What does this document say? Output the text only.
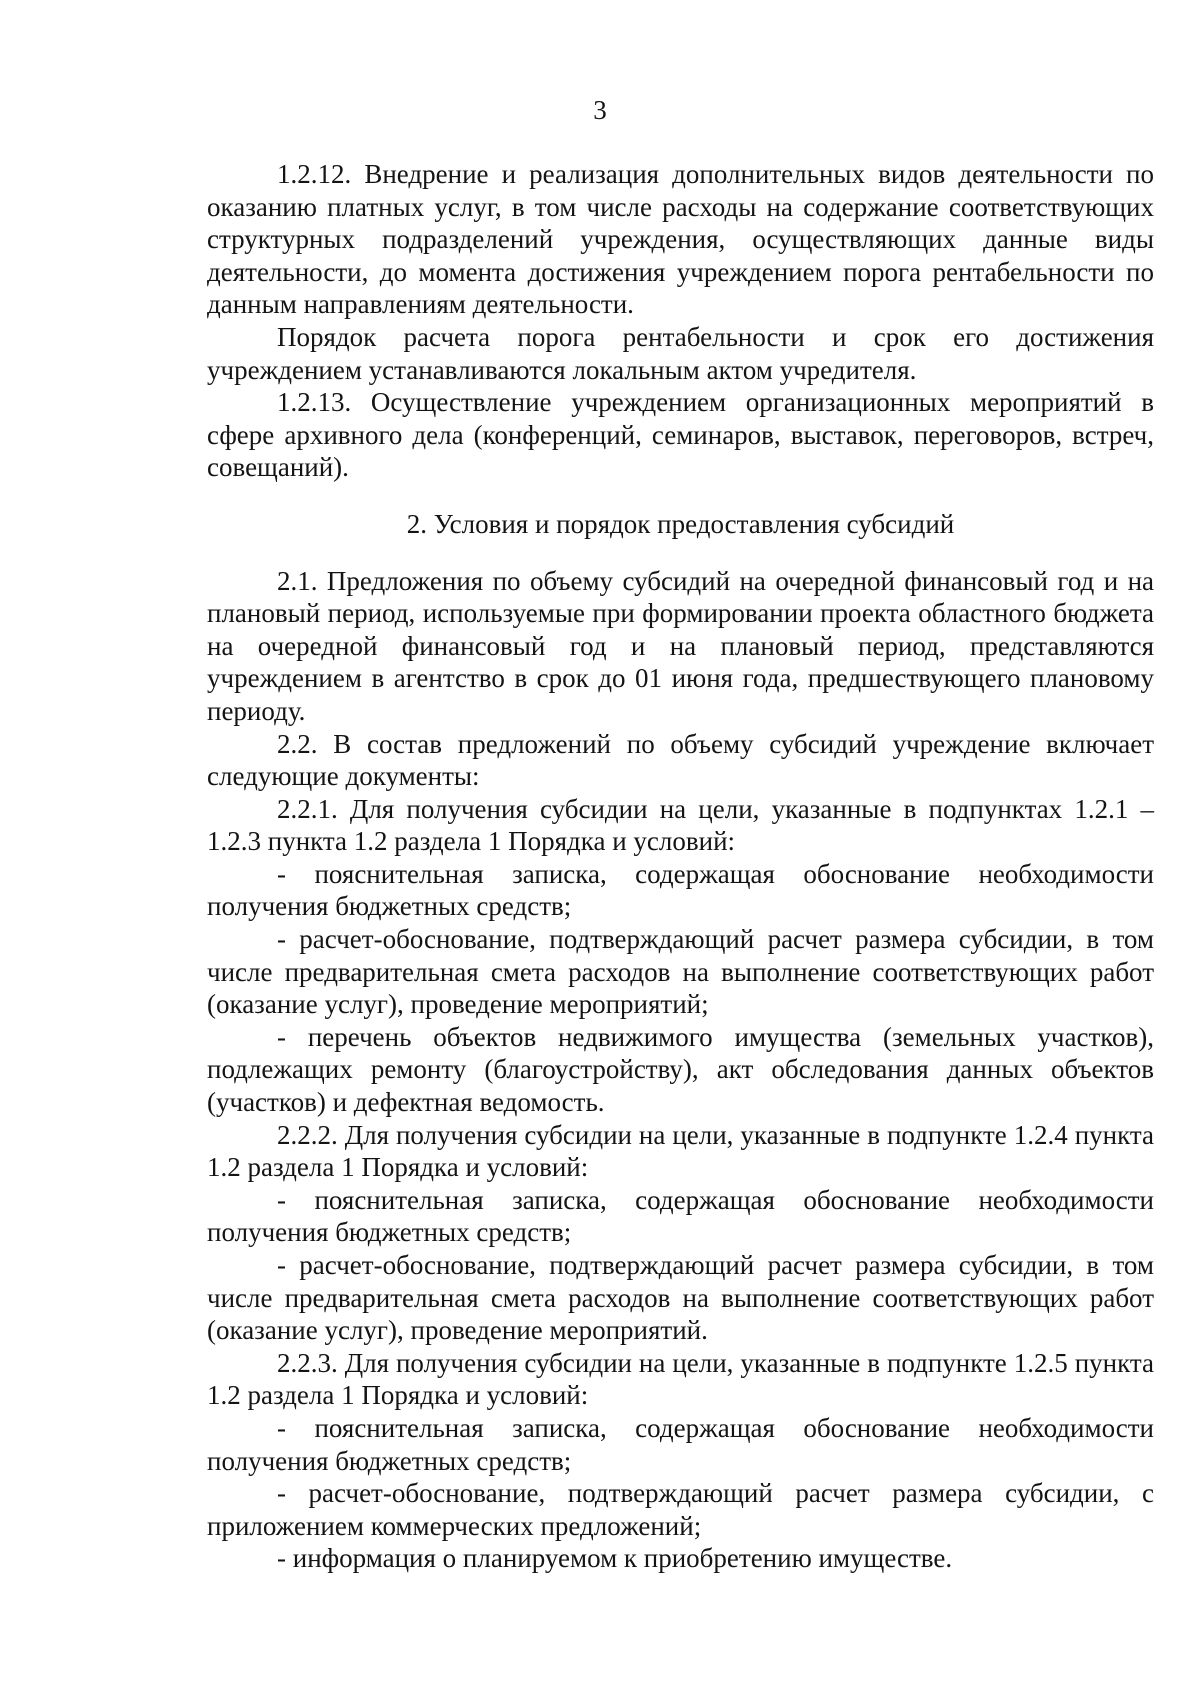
3

1.2.12. Внедрение и реализация дополнительных видов деятельности по оказанию платных услуг, в том числе расходы на содержание соответствующих структурных подразделений учреждения, осуществляющих данные виды деятельности, до момента достижения учреждением порога рентабельности по данным направлениям деятельности.

Порядок расчета порога рентабельности и срок его достижения учреждением устанавливаются локальным актом учредителя.

1.2.13. Осуществление учреждением организационных мероприятий в сфере архивного дела (конференций, семинаров, выставок, переговоров, встреч, совещаний).

2. Условия и порядок предоставления субсидий

2.1. Предложения по объему субсидий на очередной финансовый год и на плановый период, используемые при формировании проекта областного бюджета на очередной финансовый год и на плановый период, представляются учреждением в агентство в срок до 01 июня года, предшествующего плановому периоду.

2.2. В состав предложений по объему субсидий учреждение включает следующие документы:

2.2.1. Для получения субсидии на цели, указанные в подпунктах 1.2.1 – 1.2.3 пункта 1.2 раздела 1 Порядка и условий:

- пояснительная записка, содержащая обоснование необходимости получения бюджетных средств;

- расчет-обоснование, подтверждающий расчет размера субсидии, в том числе предварительная смета расходов на выполнение соответствующих работ (оказание услуг), проведение мероприятий;

- перечень объектов недвижимого имущества (земельных участков), подлежащих ремонту (благоустройству), акт обследования данных объектов (участков) и дефектная ведомость.

2.2.2. Для получения субсидии на цели, указанные в подпункте 1.2.4 пункта 1.2 раздела 1 Порядка и условий:

- пояснительная записка, содержащая обоснование необходимости получения бюджетных средств;

- расчет-обоснование, подтверждающий расчет размера субсидии, в том числе предварительная смета расходов на выполнение соответствующих работ (оказание услуг), проведение мероприятий.

2.2.3. Для получения субсидии на цели, указанные в подпункте 1.2.5 пункта 1.2 раздела 1 Порядка и условий:

- пояснительная записка, содержащая обоснование необходимости получения бюджетных средств;

- расчет-обоснование, подтверждающий расчет размера субсидии, с приложением коммерческих предложений;

- информация о планируемом к приобретению имуществе.
